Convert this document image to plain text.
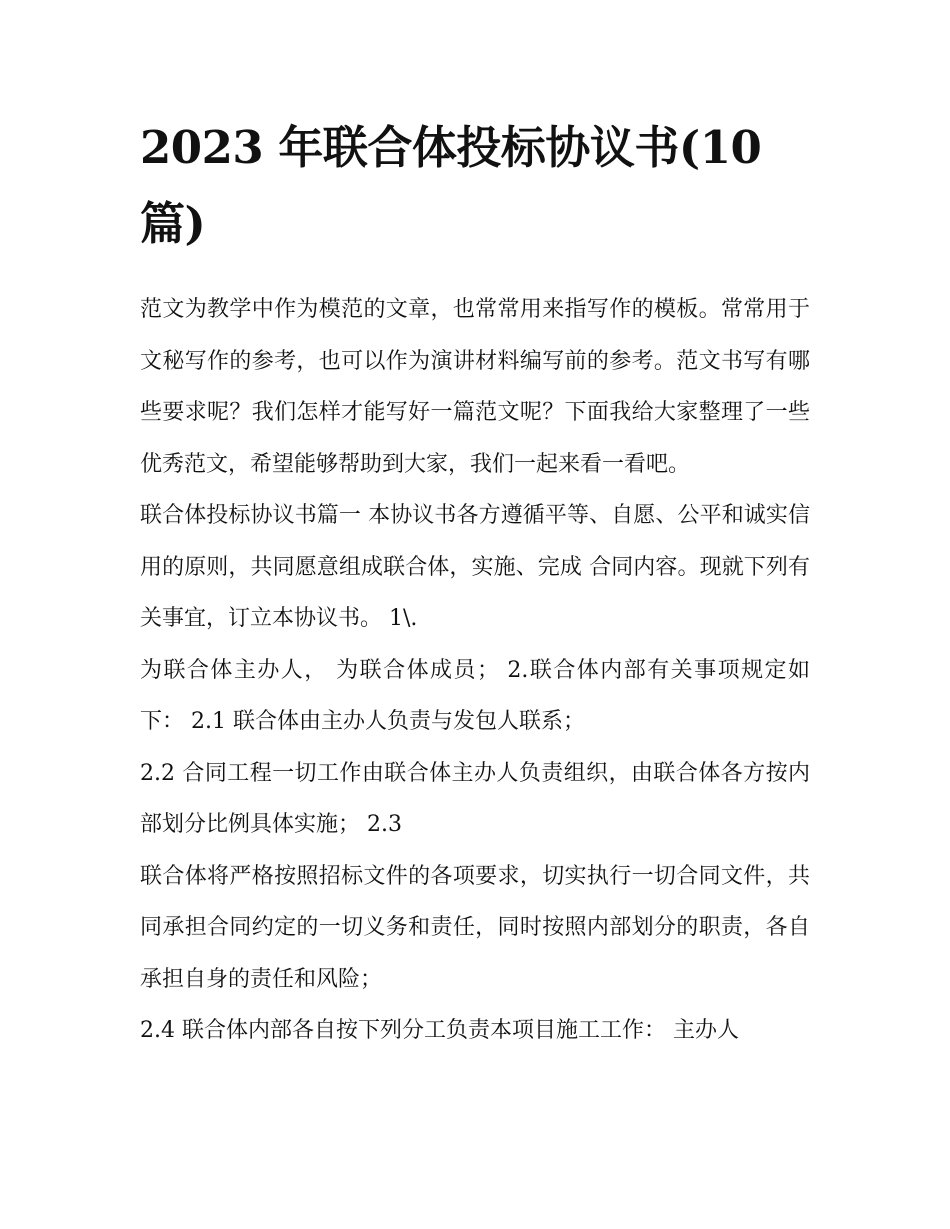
2023 年联合体投标协议书(10 篇)

范文为教学中作为模范的文章，也常常用来指写作的模板。常常用于文秘写作的参考，也可以作为演讲材料编写前的参考。范文书写有哪些要求呢？我们怎样才能写好一篇范文呢？下面我给大家整理了一些优秀范文，希望能够帮助到大家，我们一起来看一看吧。

联合体投标协议书篇一 本协议书各方遵循平等、自愿、公平和诚实信用的原则，共同愿意组成联合体，实施、完成 合同内容。现就下列有关事宜，订立本协议书。 1\.

为联合体主办人， 为联合体成员； 2.联合体内部有关事项规定如下： 2.1 联合体由主办人负责与发包人联系；

2.2 合同工程一切工作由联合体主办人负责组织，由联合体各方按内部划分比例具体实施； 2.3

联合体将严格按照招标文件的各项要求，切实执行一切合同文件，共同承担合同约定的一切义务和责任，同时按照内部划分的职责，各自承担自身的责任和风险；

2.4 联合体内部各自按下列分工负责本项目施工工作： 主办人
